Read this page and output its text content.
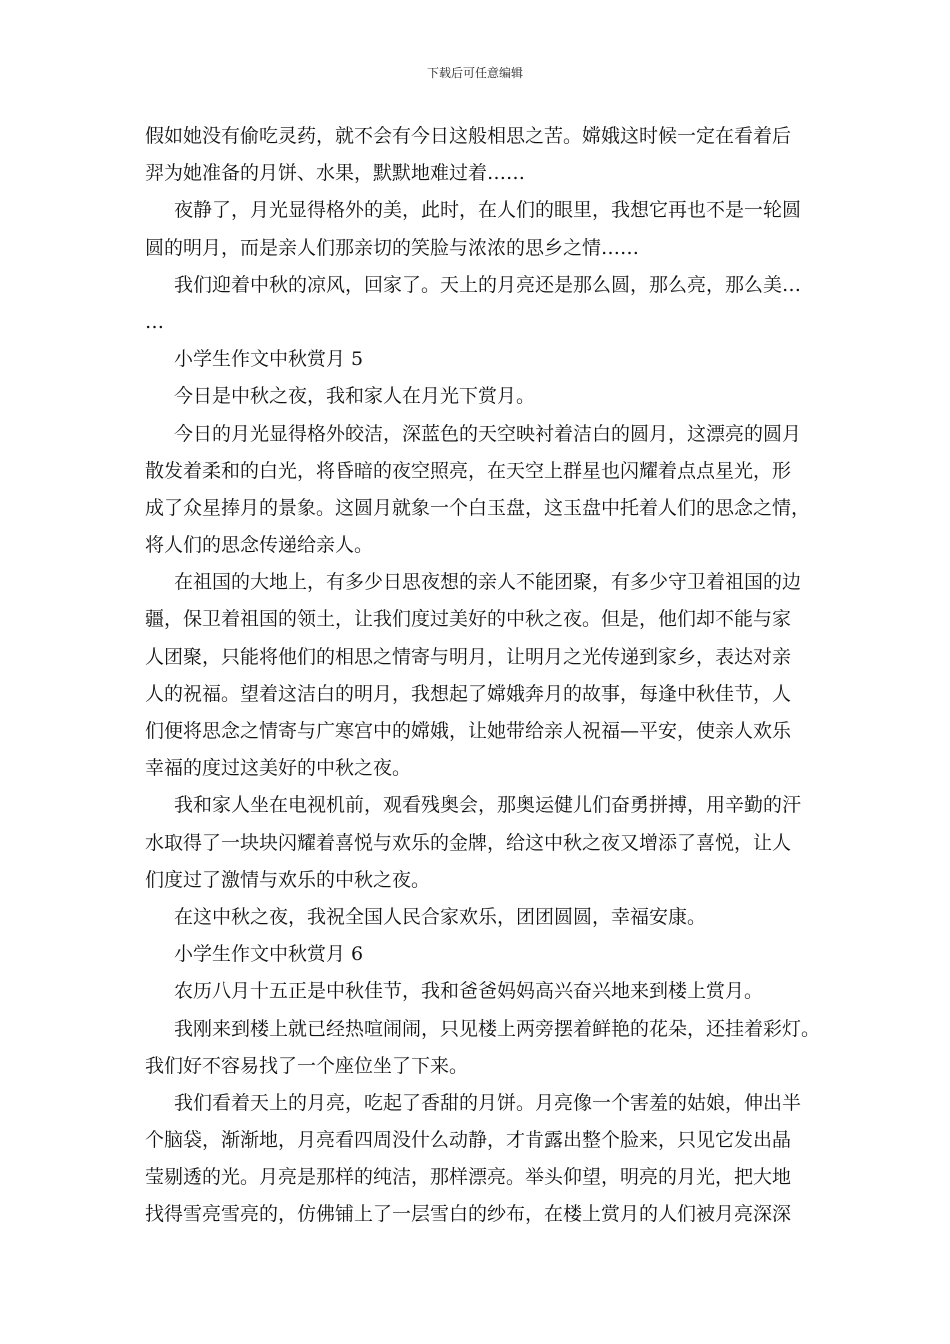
下载后可任意编辑
假如她没有偷吃灵药，就不会有今日这般相思之苦。嫦娥这时候一定在看着后
羿为她准备的月饼、水果，默默地难过着……
夜静了，月光显得格外的美，此时，在人们的眼里，我想它再也不是一轮圆
圆的明月，而是亲人们那亲切的笑脸与浓浓的思乡之情……
我们迎着中秋的凉风，回家了。天上的月亮还是那么圆，那么亮，那么美…
…
小学生作文中秋赏月 5
今日是中秋之夜，我和家人在月光下赏月。
今日的月光显得格外皎洁，深蓝色的天空映衬着洁白的圆月，这漂亮的圆月
散发着柔和的白光，将昏暗的夜空照亮，在天空上群星也闪耀着点点星光，形
成了众星捧月的景象。这圆月就象一个白玉盘，这玉盘中托着人们的思念之情，
将人们的思念传递给亲人。
在祖国的大地上，有多少日思夜想的亲人不能团聚，有多少守卫着祖国的边
疆，保卫着祖国的领土，让我们度过美好的中秋之夜。但是，他们却不能与家
人团聚，只能将他们的相思之情寄与明月，让明月之光传递到家乡，表达对亲
人的祝福。望着这洁白的明月，我想起了嫦娥奔月的故事，每逢中秋佳节，人
们便将思念之情寄与广寒宫中的嫦娥，让她带给亲人祝福—平安，使亲人欢乐
幸福的度过这美好的中秋之夜。
我和家人坐在电视机前，观看残奥会，那奥运健儿们奋勇拼搏，用辛勤的汗
水取得了一块块闪耀着喜悦与欢乐的金牌，给这中秋之夜又增添了喜悦，让人
们度过了激情与欢乐的中秋之夜。
在这中秋之夜，我祝全国人民合家欢乐，团团圆圆，幸福安康。
小学生作文中秋赏月 6
农历八月十五正是中秋佳节，我和爸爸妈妈高兴奋兴地来到楼上赏月。
我刚来到楼上就已经热喧闹闹，只见楼上两旁摆着鲜艳的花朵，还挂着彩灯。
我们好不容易找了一个座位坐了下来。
我们看着天上的月亮，吃起了香甜的月饼。月亮像一个害羞的姑娘，伸出半
个脑袋，渐渐地，月亮看四周没什么动静，才肯露出整个脸来，只见它发出晶
莹剔透的光。月亮是那样的纯洁，那样漂亮。举头仰望，明亮的月光，把大地
找得雪亮雪亮的，仿佛铺上了一层雪白的纱布，在楼上赏月的人们被月亮深深
